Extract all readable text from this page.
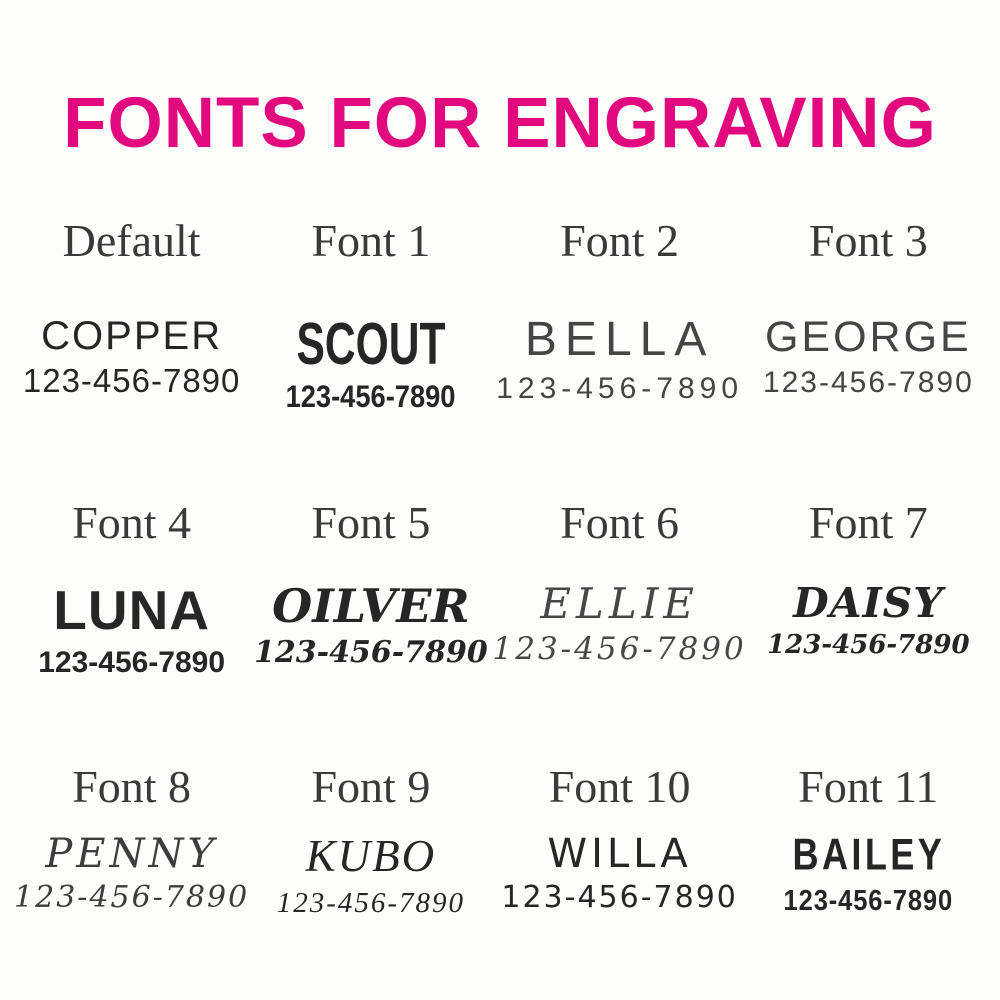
FONTS FOR ENGRAVING
Default
COPPER
123-456-7890
Font 1
SCOUT
123-456-7890
Font 2
BELLA
123-456-7890
Font 3
GEORGE
123-456-7890
Font 4
LUNA
123-456-7890
Font 5
OILVER
123-456-7890
Font 6
ELLIE
123-456-7890
Font 7
DAISY
123-456-7890
Font 8
PENNY
123-456-7890
Font 9
KUBO
123-456-7890
Font 10
WILLA
123-456-7890
Font 11
BAILEY
123-456-7890
